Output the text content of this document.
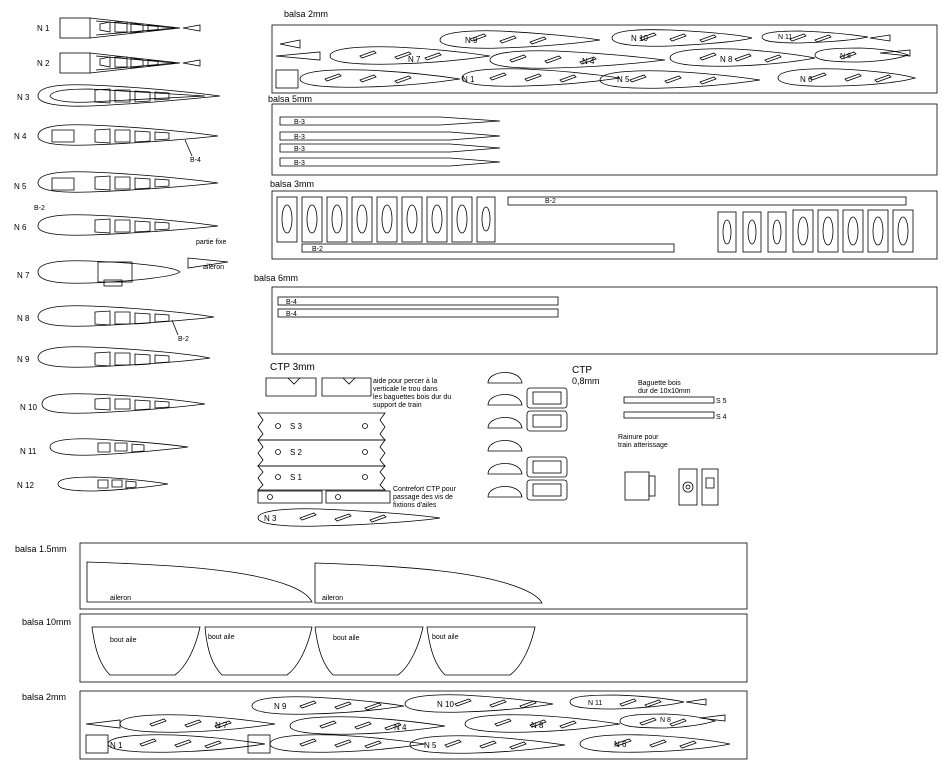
N 1
N 2
N 3
N 4
B-4
N 5
B-2
N 6
partie fixe
N 7
aileron
N 8
B-2
N 9
N 10
N 11
N 12
balsa 2mm
N 9	N 10	N 11
N 7	N 4	N 8
N 1	N 5	N 6
N 8
balsa 5mm
B-3
B-3
B-3
B-3
balsa 3mm
B-2
B-2
balsa 6mm
B-4
B-4
CTP 3mm
aide pour percer à la verticale le trou dans les baguettes bois dur du support de train
S 3
S 2
S 1
Contrefort CTP pour passage des vis de fixtions d'ailes
N 3
CTP
0,8mm	Baguette bois
dur de 10x10mm
S 5
S 4
Rainure pour
train atterissage
balsa 1.5mm
aileron	aileron
balsa 10mm
bout aile	bout aile	bout aile	bout aile
balsa 2mm
N 9	N 10	N 11
N 7	N 4	N 8
N 1
N 8
N 5	N 6
